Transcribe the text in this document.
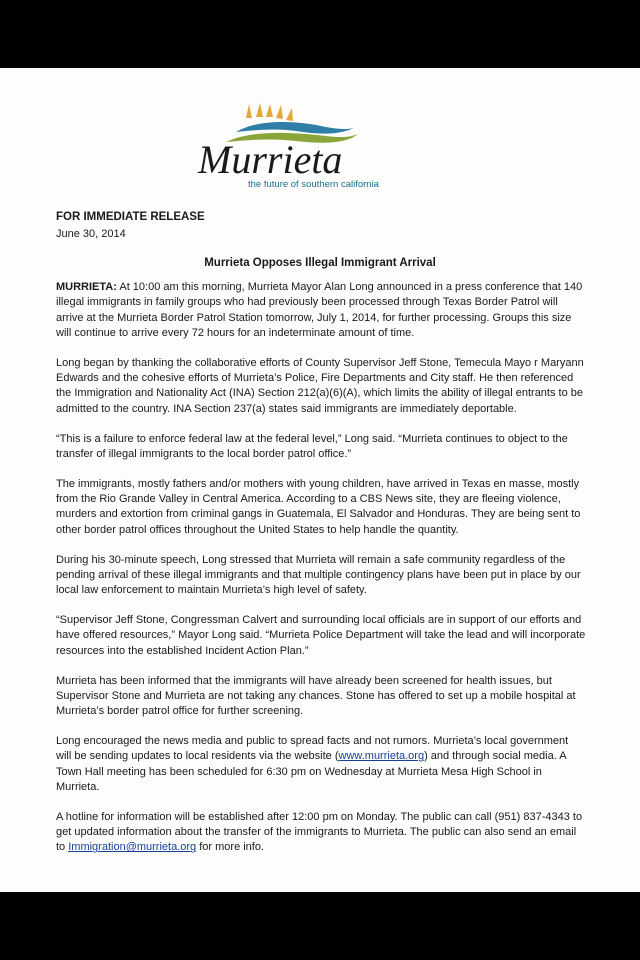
Murrieta
the future of southern california
FOR IMMEDIATE RELEASE
June 30, 2014
Murrieta Opposes Illegal Immigrant Arrival

MURRIETA: At 10:00 am this morning, Murrieta Mayor Alan Long announced in a press conference that 140 illegal immigrants in family groups who had previously been processed through Texas Border Patrol will arrive at the Murrieta Border Patrol Station tomorrow, July 1, 2014, for further processing. Groups this size will continue to arrive every 72 hours for an indeterminate amount of time.

Long began by thanking the collaborative efforts of County Supervisor Jeff Stone, Temecula Mayo r Maryann Edwards and the cohesive efforts of Murrieta’s Police, Fire Departments and City staff. He then referenced the Immigration and Nationality Act (INA) Section 212(a)(6)(A), which limits the ability of illegal entrants to be admitted to the country. INA Section 237(a) states said immigrants are immediately deportable.

“This is a failure to enforce federal law at the federal level,” Long said. “Murrieta continues to object to the transfer of illegal immigrants to the local border patrol office.”

The immigrants, mostly fathers and/or mothers with young children, have arrived in Texas en masse, mostly from the Rio Grande Valley in Central America. According to a CBS News site, they are fleeing violence, murders and extortion from criminal gangs in Guatemala, El Salvador and Honduras. They are being sent to other border patrol offices throughout the United States to help handle the quantity.

During his 30-minute speech, Long stressed that Murrieta will remain a safe community regardless of the pending arrival of these illegal immigrants and that multiple contingency plans have been put in place by our local law enforcement to maintain Murrieta’s high level of safety.

“Supervisor Jeff Stone, Congressman Calvert and surrounding local officials are in support of our efforts and have offered resources,” Mayor Long said. “Murrieta Police Department will take the lead and will incorporate resources into the established Incident Action Plan.”

Murrieta has been informed that the immigrants will have already been screened for health issues, but Supervisor Stone and Murrieta are not taking any chances. Stone has offered to set up a mobile hospital at Murrieta’s border patrol office for further screening.

Long encouraged the news media and public to spread facts and not rumors. Murrieta’s local government will be sending updates to local residents via the website (www.murrieta.org) and through social media. A Town Hall meeting has been scheduled for 6:30 pm on Wednesday at Murrieta Mesa High School in Murrieta.

A hotline for information will be established after 12:00 pm on Monday. The public can call (951) 837-4343 to get updated information about the transfer of the immigrants to Murrieta. The public can also send an email to Immigration@murrieta.org for more info.
